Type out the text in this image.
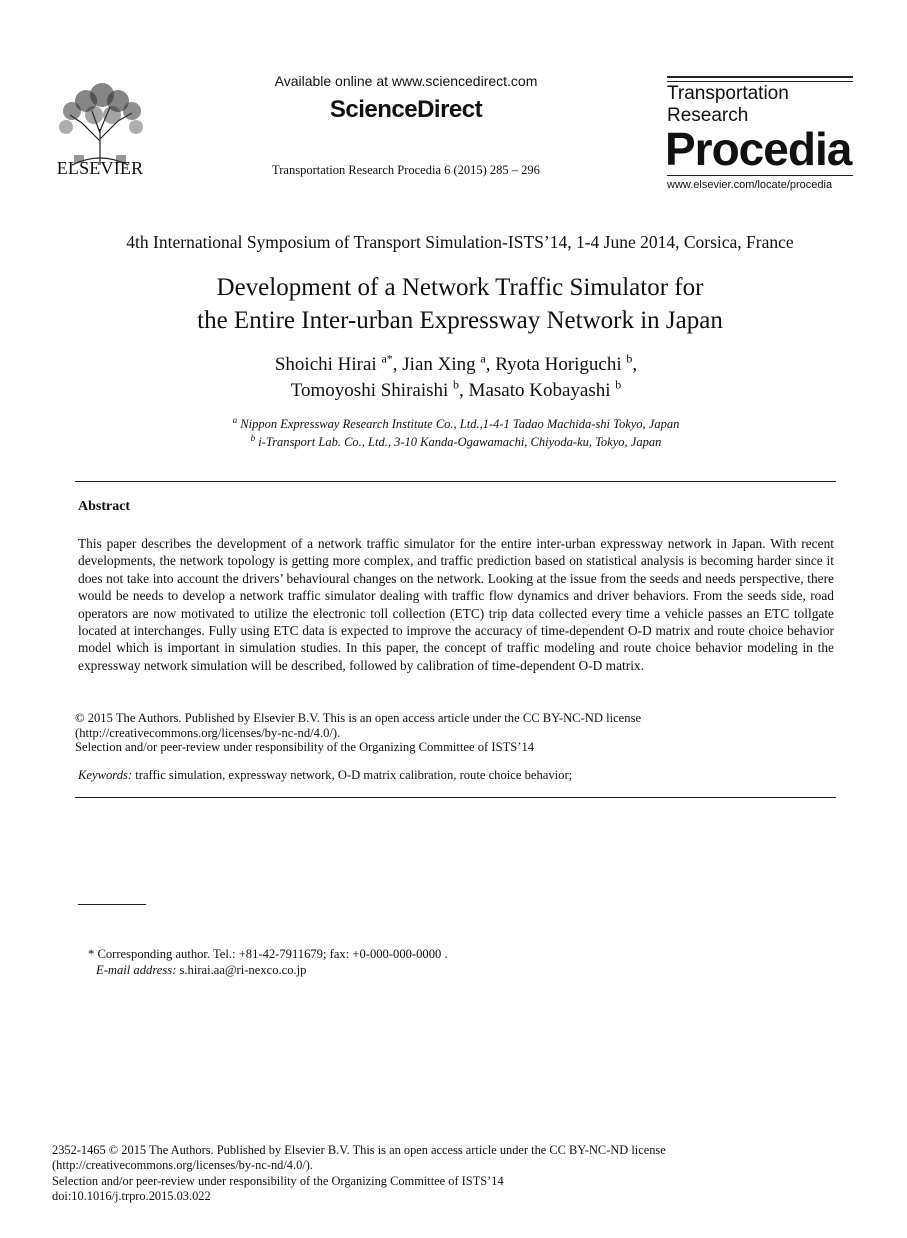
ELSEVIER
Available online at www.sciencedirect.com
ScienceDirect
Transportation Research Procedia 6 (2015) 285 – 296
Transportation
Research
Procedia
www.elsevier.com/locate/procedia
4th International Symposium of Transport Simulation-ISTS’14, 1-4 June 2014, Corsica, France
Development of a Network Traffic Simulator for
the Entire Inter-urban Expressway Network in Japan
Shoichi Hirai $^{a*}$, Jian Xing $^a$, Ryota Horiguchi $^b$,
Tomoyoshi Shiraishi $^b$, Masato Kobayashi $^b$
$^a$ Nippon Expressway Research Institute Co., Ltd.,1-4-1 Tadao Machida-shi Tokyo, Japan
$^b$ i-Transport Lab. Co., Ltd., 3-10 Kanda-Ogawamachi, Chiyoda-ku, Tokyo, Japan
Abstract
This paper describes the development of a network traffic simulator for the entire inter-urban expressway network in Japan. With recent developments, the network topology is getting more complex, and traffic prediction based on statistical analysis is becoming harder since it does not take into account the drivers’ behavioural changes on the network. Looking at the issue from the seeds and needs perspective, there would be needs to develop a network traffic simulator dealing with traffic flow dynamics and driver behaviors. From the seeds side, road operators are now motivated to utilize the electronic toll collection (ETC) trip data collected every time a vehicle passes an ETC tollgate located at interchanges. Fully using ETC data is expected to improve the accuracy of time-dependent O-D matrix and route choice behavior model which is important in simulation studies. In this paper, the concept of traffic modeling and route choice behavior modeling in the expressway network simulation will be described, followed by calibration of time-dependent O-D matrix.
© 2015 The Authors. Published by Elsevier B.V. This is an open access article under the CC BY-NC-ND license
(http://creativecommons.org/licenses/by-nc-nd/4.0/).
Selection and/or peer-review under responsibility of the Organizing Committee of ISTS’14
Keywords: traffic simulation, expressway network, O-D matrix calibration, route choice behavior;
* Corresponding author. Tel.: +81-42-7911679; fax: +0-000-000-0000 .
E-mail address: s.hirai.aa@ri-nexco.co.jp
2352-1465 © 2015 The Authors. Published by Elsevier B.V. This is an open access article under the CC BY-NC-ND license
(http://creativecommons.org/licenses/by-nc-nd/4.0/).
Selection and/or peer-review under responsibility of the Organizing Committee of ISTS’14
doi:10.1016/j.trpro.2015.03.022
